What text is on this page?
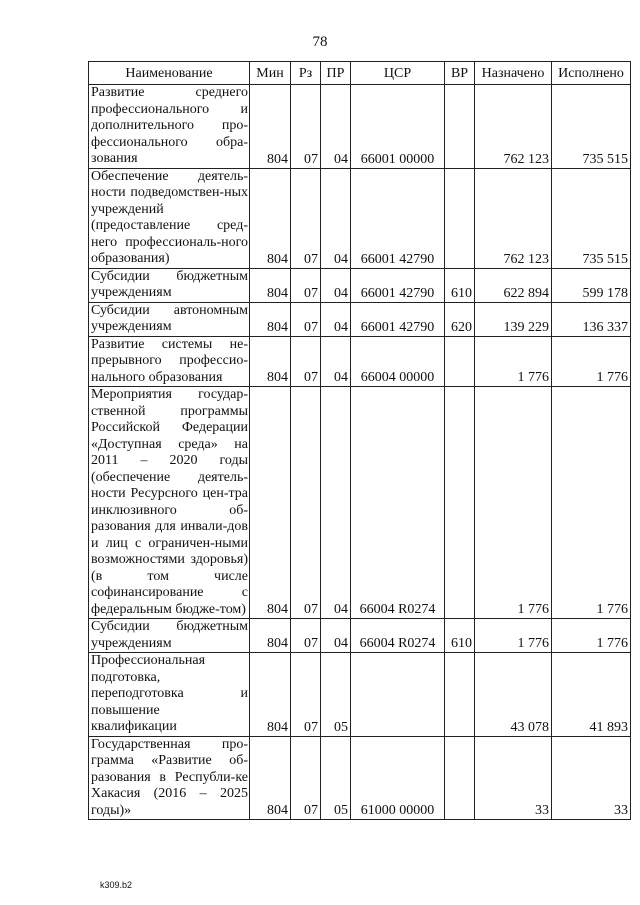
78
Наименование	Мин	Рз	ПР	ЦСР	ВР	Назначено	Исполнено
Развитие среднего профессионального и дополнительного про-фессионального обра-зования	804	07	04	66001 00000		762 123	735 515
Обеспечение деятель-ности подведомствен-ных учреждений (предоставление сред-него профессиональ-ного образования)	804	07	04	66001 42790		762 123	735 515
Субсидии бюджетным учреждениям	804	07	04	66001 42790	610	622 894	599 178
Субсидии автономным учреждениям	804	07	04	66001 42790	620	139 229	136 337
Развитие системы не-прерывного профессио-нального образования	804	07	04	66004 00000		1 776	1 776
Мероприятия государ-ственной программы Российской Федерации «Доступная среда» на 2011 – 2020 годы (обеспечение деятель-ности Ресурсного цен-тра инклюзивного об-разования для инвали-дов и лиц с ограничен-ными возможностями здоровья) (в том числе софинансирование с федеральным бюдже-том)	804	07	04	66004 R0274		1 776	1 776
Субсидии бюджетным учреждениям	804	07	04	66004 R0274	610	1 776	1 776
Профессиональная подготовка, переподготовка и повышение квалификации	804	07	05			43 078	41 893
Государственная про-грамма «Развитие об-разования в Республи-ке Хакасия (2016 – 2025 годы)»	804	07	05	61000 00000		33	33
k309.b2
